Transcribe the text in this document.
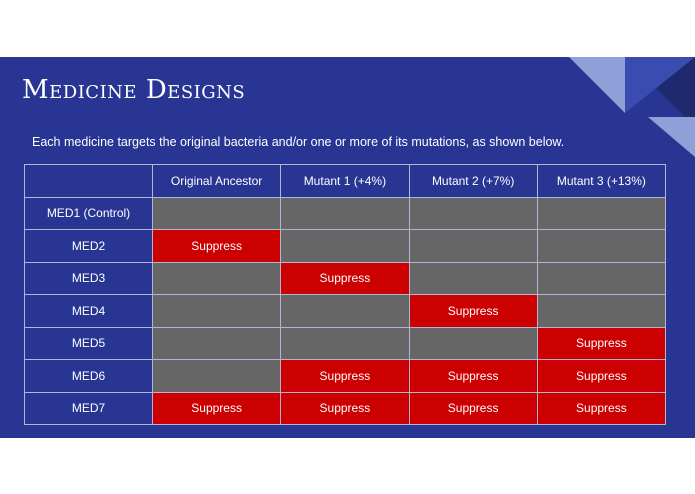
Medicine Designs
Each medicine targets the original bacteria and/or one or more of its mutations, as shown below.
	Original Ancestor	Mutant 1 (+4%)	Mutant 2 (+7%)	Mutant 3 (+13%)
MED1 (Control)				
MED2	Suppress			
MED3		Suppress		
MED4			Suppress	
MED5				Suppress
MED6		Suppress	Suppress	Suppress
MED7	Suppress	Suppress	Suppress	Suppress
